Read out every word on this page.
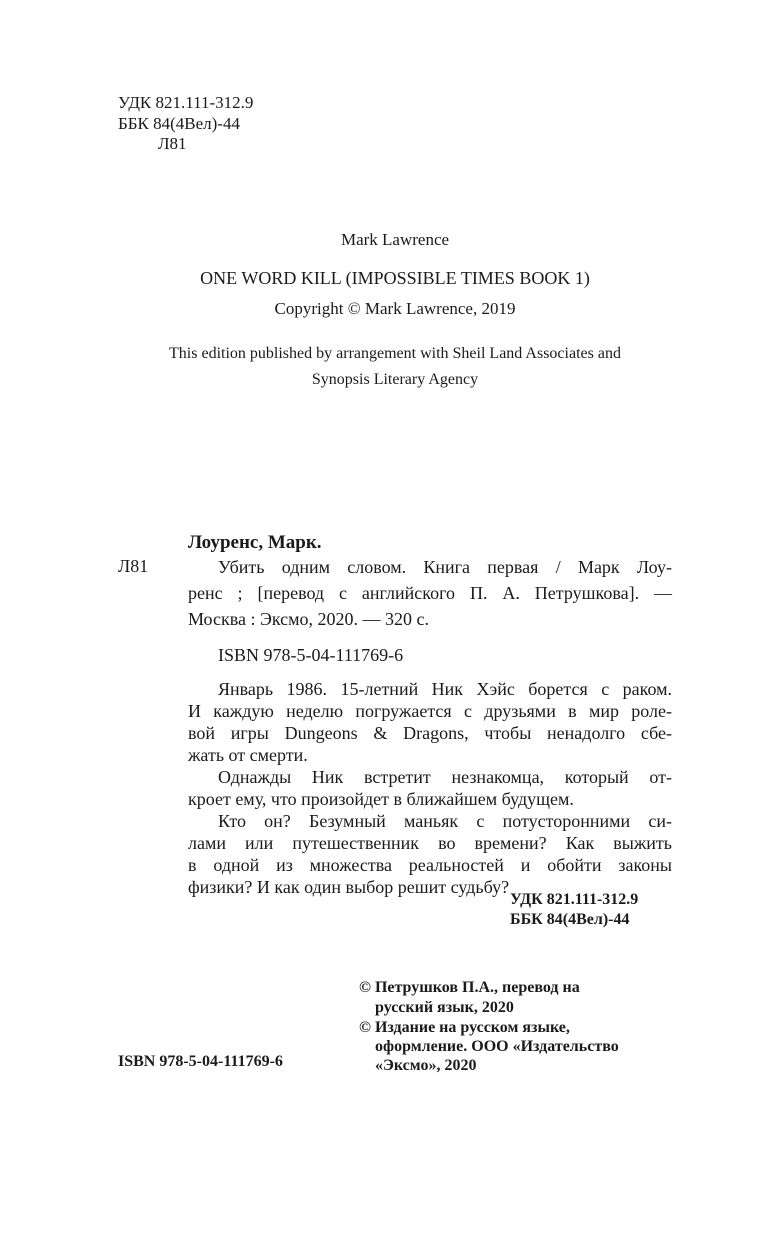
УДК 821.111-312.9
ББК 84(4Вел)-44
Л81
Mark Lawrence
ONE WORD KILL (IMPOSSIBLE TIMES BOOK 1)
Copyright © Mark Lawrence, 2019
This edition published by arrangement with Sheil Land Associates and
Synopsis Literary Agency
Лоуренс, Марк.
Л81	Убить одним словом. Книга первая / Марк Лоу-
ренс ; [перевод с английского П. А. Петрушкова]. —
Москва : Эксмо, 2020. — 320 с.
ISBN 978-5-04-111769-6
Январь 1986. 15-летний Ник Хэйс борется с раком.
И каждую неделю погружается с друзьями в мир роле-
вой игры Dungeons & Dragons, чтобы ненадолго сбе-
жать от смерти.
Однажды Ник встретит незнакомца, который от-
кроет ему, что произойдет в ближайшем будущем.
Кто он? Безумный маньяк с потусторонними си-
лами или путешественник во времени? Как выжить
в одной из множества реальностей и обойти законы
физики? И как один выбор решит судьбу?
УДК 821.111-312.9
ББК 84(4Вел)-44
ISBN 978-5-04-111769-6
© Петрушков П.А., перевод на
русский язык, 2020
© Издание на русском языке,
оформление. ООО «Издательство
«Эксмо», 2020
